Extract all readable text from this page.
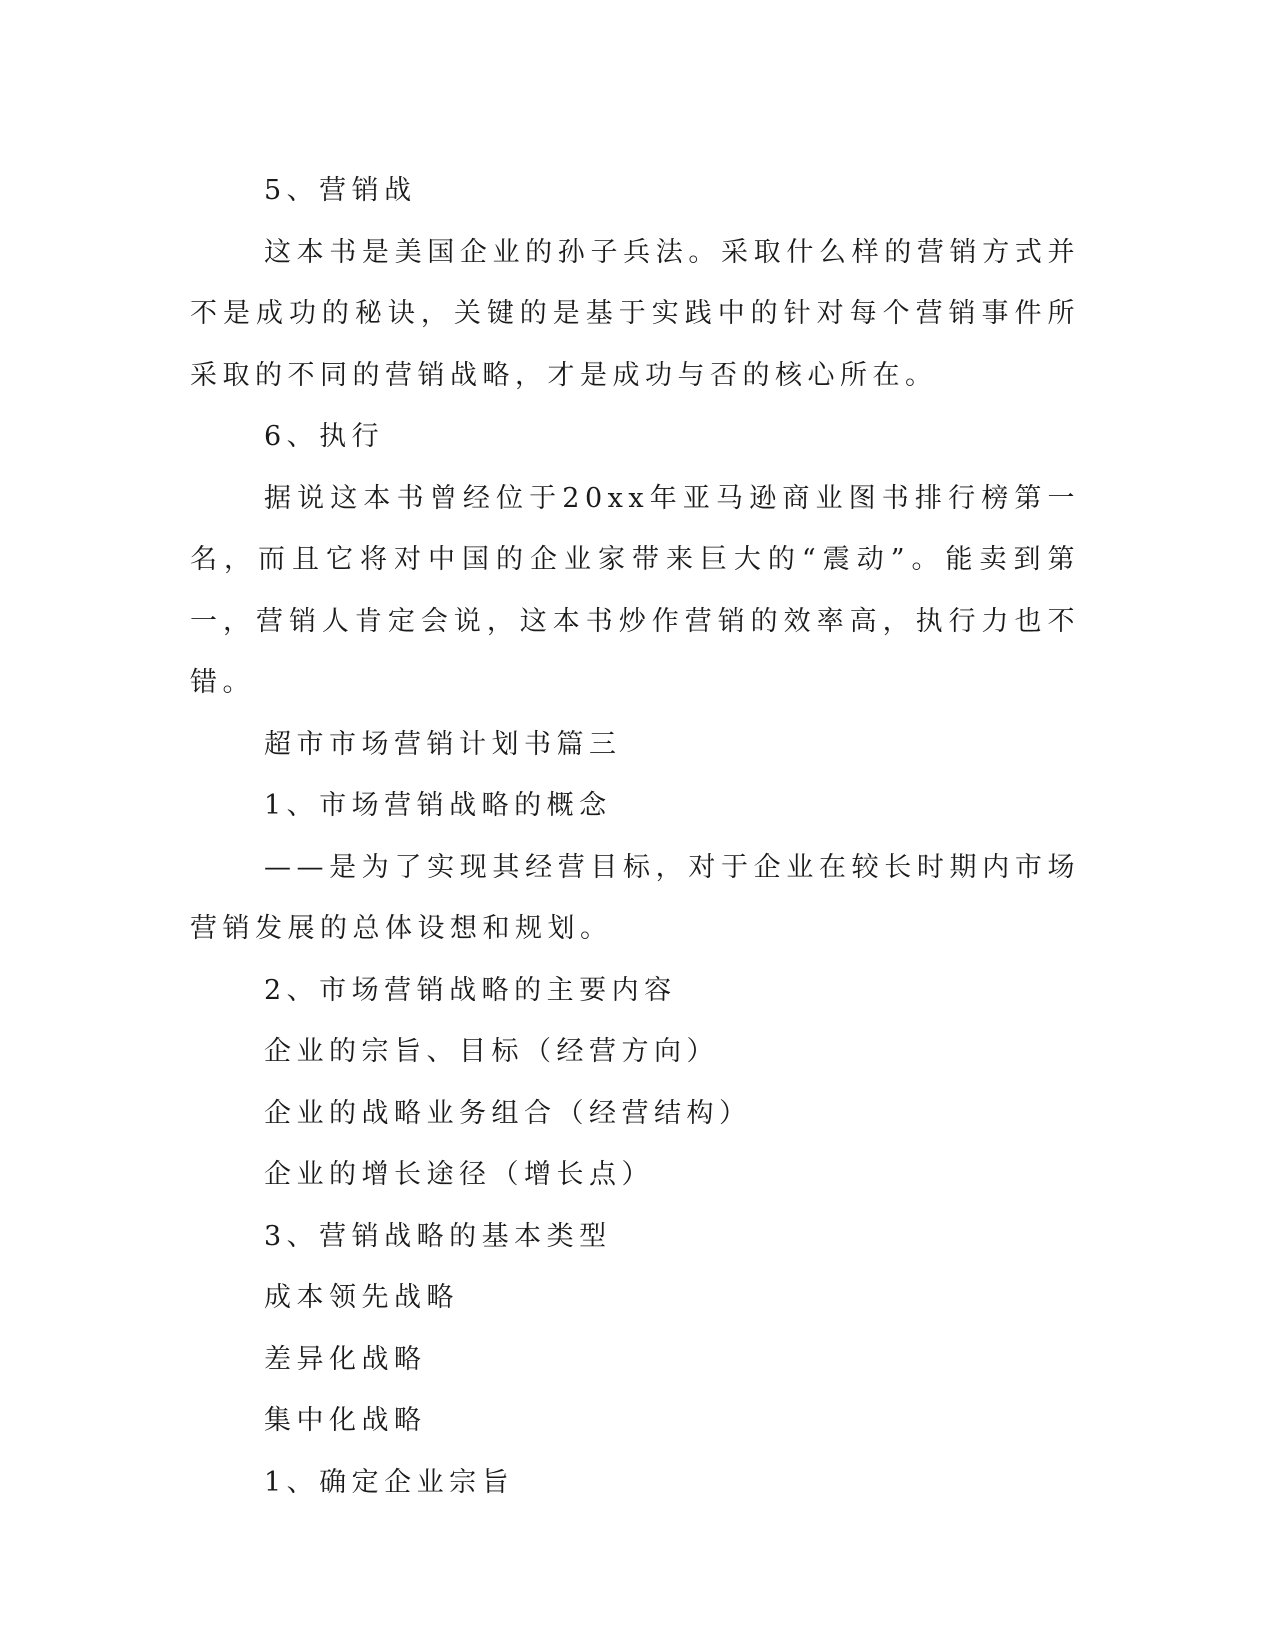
5、营销战

这本书是美国企业的孙子兵法。采取什么样的营销方式并不是成功的秘诀，关键的是基于实践中的针对每个营销事件所采取的不同的营销战略，才是成功与否的核心所在。

6、执行

据说这本书曾经位于20xx年亚马逊商业图书排行榜第一名，而且它将对中国的企业家带来巨大的“震动”。能卖到第一，营销人肯定会说，这本书炒作营销的效率高，执行力也不错。

超市市场营销计划书篇三

1、市场营销战略的概念

——是为了实现其经营目标，对于企业在较长时期内市场营销发展的总体设想和规划。

2、市场营销战略的主要内容

企业的宗旨、目标（经营方向）

企业的战略业务组合（经营结构）

企业的增长途径（增长点）

3、营销战略的基本类型

成本领先战略

差异化战略

集中化战略

1、确定企业宗旨
